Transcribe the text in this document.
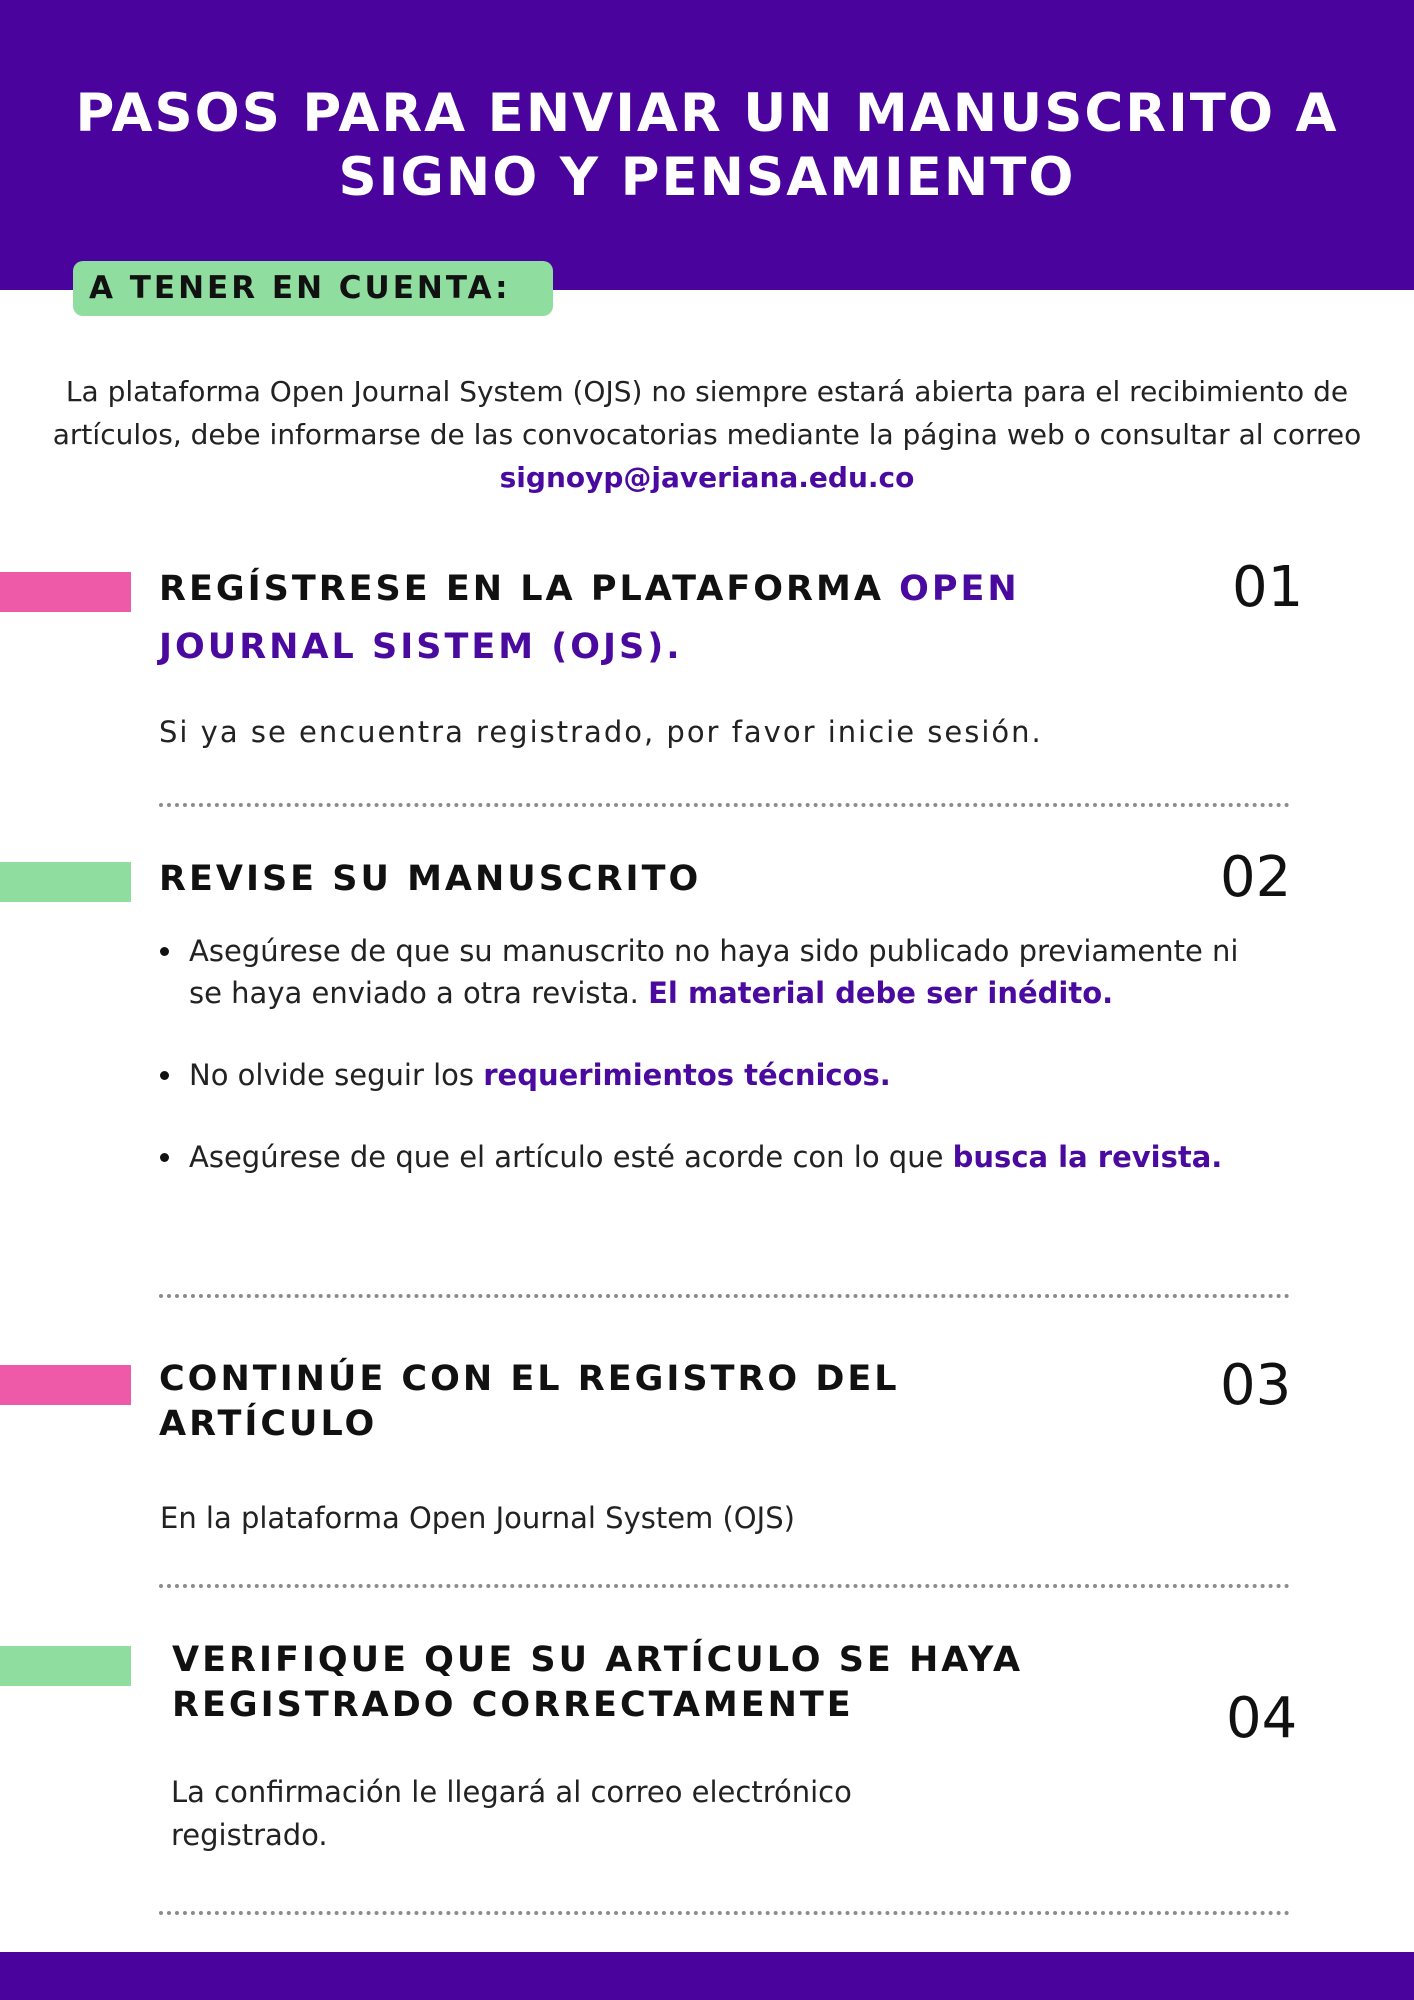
PASOS PARA ENVIAR UN MANUSCRITO A SIGNO Y PENSAMIENTO
A TENER EN CUENTA:
La plataforma Open Journal System (OJS) no siempre estará abierta para el recibimiento de artículos, debe informarse de las convocatorias mediante la página web o consultar al correo signoyp@javeriana.edu.co
REGÍSTRESE EN LA PLATAFORMA OPEN JOURNAL SISTEM (OJS).
01
Si ya se encuentra registrado, por favor inicie sesión.
REVISE SU MANUSCRITO	02
Asegúrese de que su manuscrito no haya sido publicado previamente ni se haya enviado a otra revista. El material debe ser inédito.
No olvide seguir los requerimientos técnicos.
Asegúrese de que el artículo esté acorde con lo que busca la revista.
CONTINÚE CON EL REGISTRO DEL ARTÍCULO
03
En la plataforma Open Journal System (OJS)
VERIFIQUE QUE SU ARTÍCULO SE HAYA REGISTRADO CORRECTAMENTE	04
La confirmación le llegará al correo electrónico registrado.
